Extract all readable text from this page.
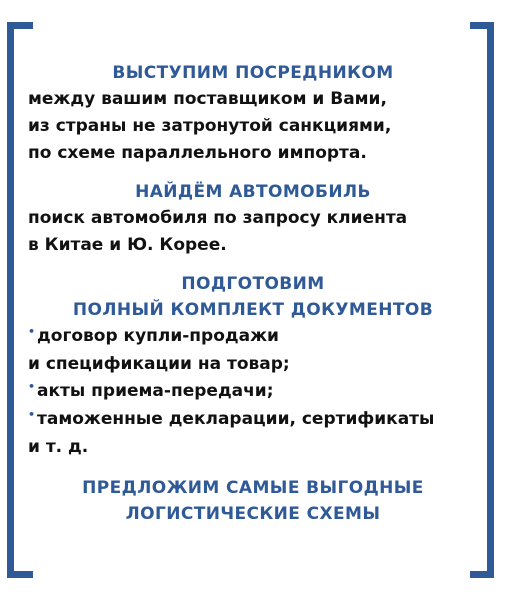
ВЫСТУПИМ ПОСРЕДНИКОМ
между вашим поставщиком и Вами,
из страны не затронутой санкциями,
по схеме параллельного импорта.
НАЙДЁМ АВТОМОБИЛЬ
поиск автомобиля по запросу клиента
в Китае и Ю. Корее.
ПОДГОТОВИМ
ПОЛНЫЙ КОМПЛЕКТ ДОКУМЕНТОВ
• договор купли-продажи
и спецификации на товар;
• акты приема-передачи;
• таможенные декларации, сертификаты
и т. д.
ПРЕДЛОЖИМ САМЫЕ ВЫГОДНЫЕ
ЛОГИСТИЧЕСКИЕ СХЕМЫ
